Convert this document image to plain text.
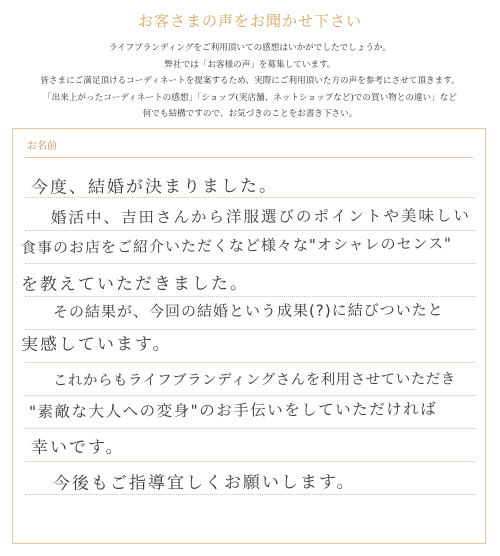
お客さまの声をお聞かせ下さい
ライフブランディングをご利用頂いての感想はいかがでしたでしょうか。
弊社では「お客様の声」を募集しています。
皆さまにご満足頂けるコーディネートを提案するため、実際にご利用頂いた方の声を参考にさせて頂きます。
「出来上がったコーディネートの感想」「ショップ(実店舗、ネットショップなど)での買い物との違い」など
何でも結構ですので、お気づきのことをお書き下さい。
お名前
今度、結婚が決まりました。
婚活中、吉田さんから洋服選びのポイントや美味しい
食事のお店をご紹介いただくなど様々な"オシャレのセンス"
を教えていただきました。
その結果が、今回の結婚という成果(?)に結びついたと
実感しています。
これからもライフブランディングさんを利用させていただき
"素敵な大人への変身"のお手伝いをしていただければ
幸いです。
今後もご指導宜しくお願いします。
